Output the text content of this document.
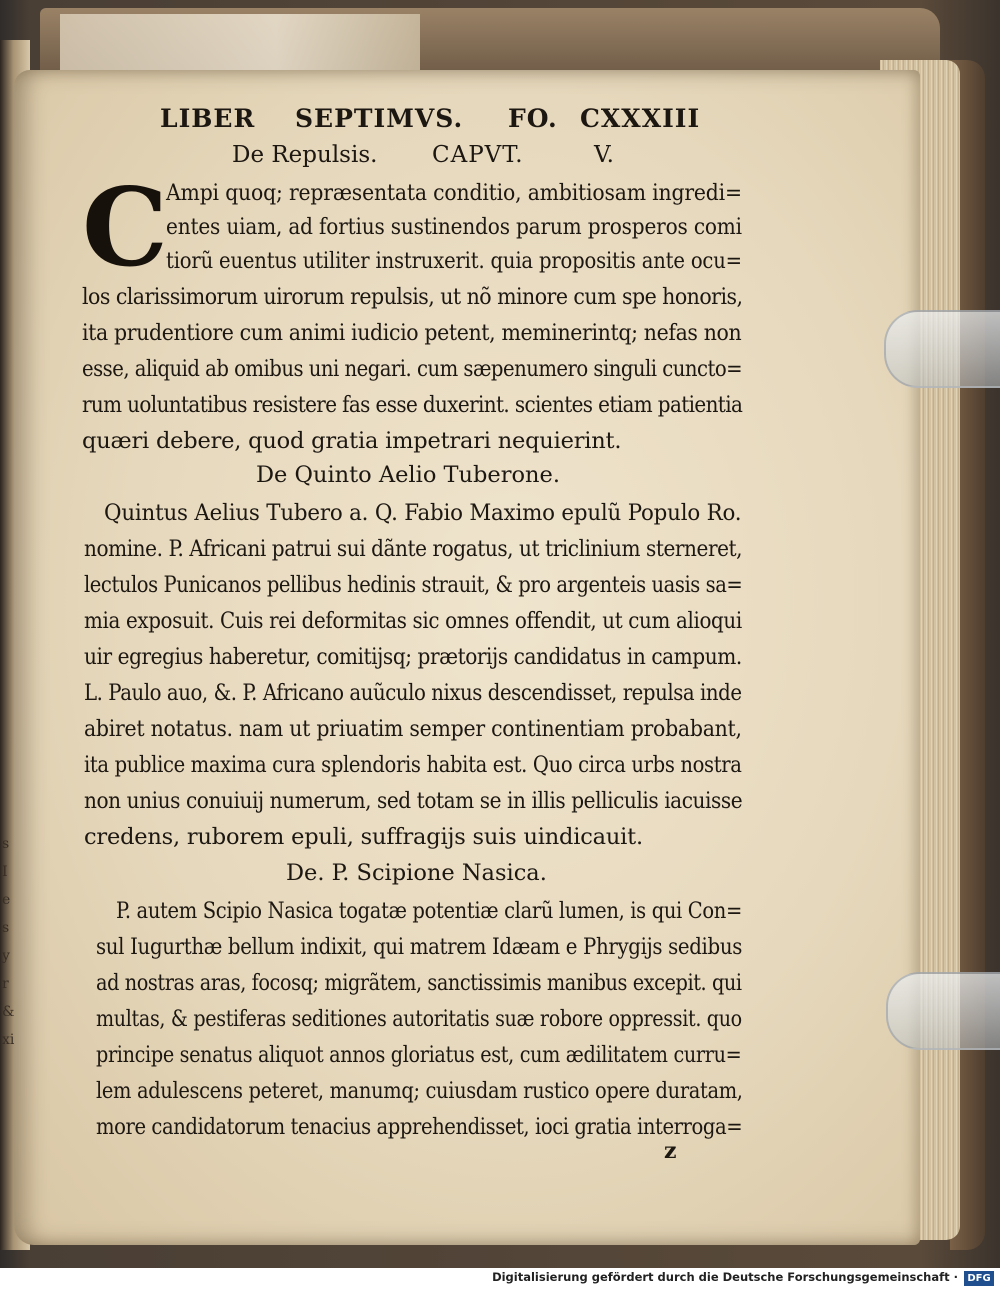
s
I
e
s
y
r
&
xi
LIBER SEPTIMVS. FO. CXXXIII
De Repulsis. CAPVT.	V.
C
Ampi quoq; repræsentata conditio, ambitiosam ingredi=
entes uiam, ad fortius sustinendos parum prosperos comi
tiorũ euentus utiliter instruxerit. quia propositis ante ocu=
los clarissimorum uirorum repulsis, ut nõ minore cum spe honoris,
ita prudentiore cum animi iudicio petent, meminerintq; nefas non
esse, aliquid ab omibus uni negari. cum sæpenumero singuli cuncto=
rum uoluntatibus resistere fas esse duxerint. scientes etiam patientia
quæri debere, quod gratia impetrari nequierint.
De Quinto Aelio Tuberone.
Quintus Aelius Tubero a. Q. Fabio Maximo epulũ Populo Ro.
nomine. P. Africani patrui sui dãnte rogatus, ut triclinium sterneret,
lectulos Punicanos pellibus hedinis strauit, & pro argenteis uasis sa=
mia exposuit. Cuis rei deformitas sic omnes offendit, ut cum alioqui
uir egregius haberetur, comitijsq; prætorijs candidatus in campum.
L. Paulo auo, &. P. Africano auũculo nixus descendisset, repulsa inde
abiret notatus. nam ut priuatim semper continentiam probabant,
ita publice maxima cura splendoris habita est. Quo circa urbs nostra
non unius conuiuij numerum, sed totam se in illis pelliculis iacuisse
credens, ruborem epuli, suffragijs suis uindicauit.
De. P. Scipione Nasica.
P. autem Scipio Nasica togatæ potentiæ clarũ lumen, is qui Con=
sul Iugurthæ bellum indixit, qui matrem Idæam e Phrygijs sedibus
ad nostras aras, focosq; migrãtem, sanctissimis manibus excepit. qui
multas, & pestiferas seditiones autoritatis suæ robore oppressit. quo
principe senatus aliquot annos gloriatus est, cum ædilitatem curru=
lem adulescens peteret, manumq; cuiusdam rustico opere duratam,
more candidatorum tenacius apprehendisset, ioci gratia interroga=
z
Digitalisierung gefördert durch die Deutsche Forschungsgemeinschaft · DFG
